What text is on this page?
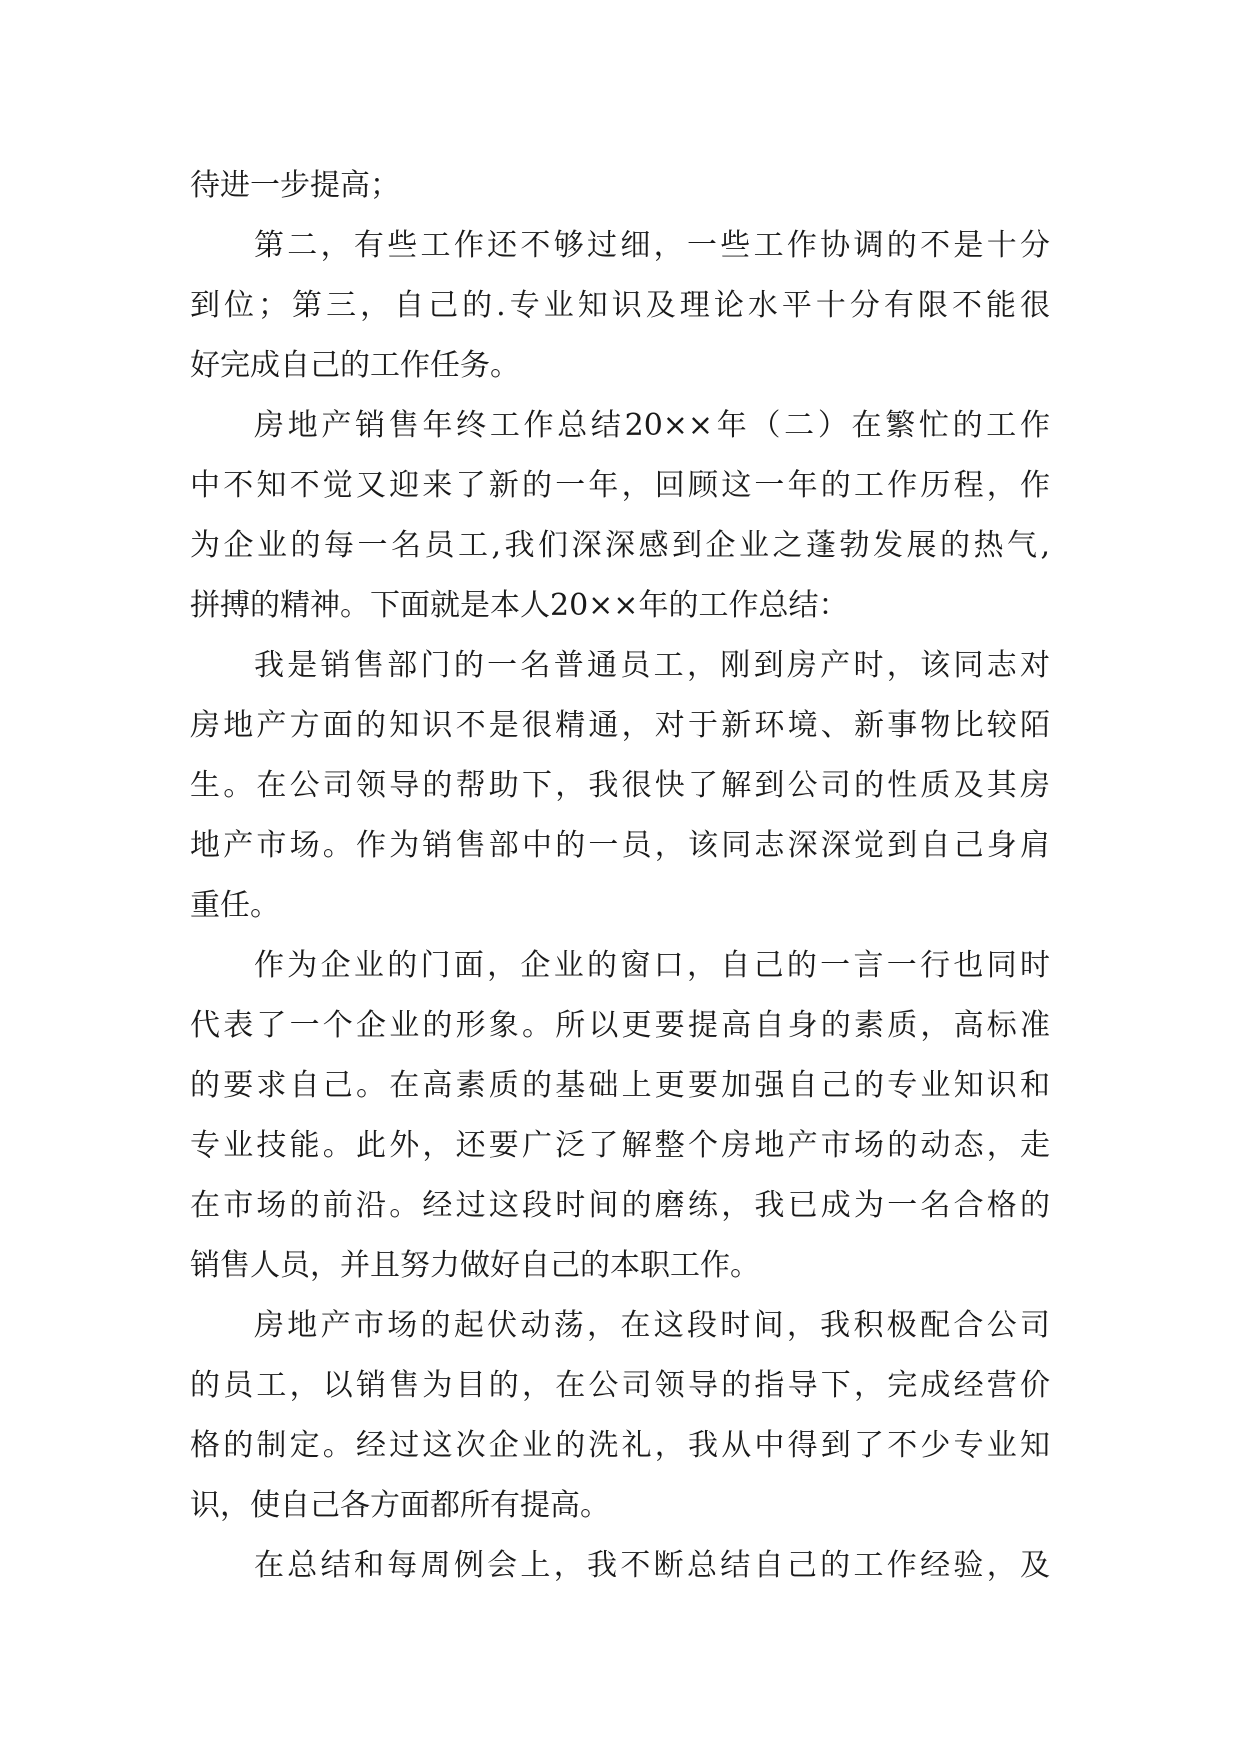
待进一步提高；
第二，有些工作还不够过细，一些工作协调的不是十分
到位；第三，自己的.专业知识及理论水平十分有限不能很
好完成自己的工作任务。
房地产销售年终工作总结20××年（二）在繁忙的工作
中不知不觉又迎来了新的一年，回顾这一年的工作历程，作
为企业的每一名员工,我们深深感到企业之蓬勃发展的热气,
拼搏的精神。下面就是本人20××年的工作总结：
我是销售部门的一名普通员工，刚到房产时，该同志对
房地产方面的知识不是很精通，对于新环境、新事物比较陌
生。在公司领导的帮助下，我很快了解到公司的性质及其房
地产市场。作为销售部中的一员，该同志深深觉到自己身肩
重任。
作为企业的门面，企业的窗口，自己的一言一行也同时
代表了一个企业的形象。所以更要提高自身的素质，高标准
的要求自己。在高素质的基础上更要加强自己的专业知识和
专业技能。此外，还要广泛了解整个房地产市场的动态，走
在市场的前沿。经过这段时间的磨练，我已成为一名合格的
销售人员，并且努力做好自己的本职工作。
房地产市场的起伏动荡，在这段时间，我积极配合公司
的员工，以销售为目的，在公司领导的指导下，完成经营价
格的制定。经过这次企业的洗礼，我从中得到了不少专业知
识，使自己各方面都所有提高。
在总结和每周例会上，我不断总结自己的工作经验，及
